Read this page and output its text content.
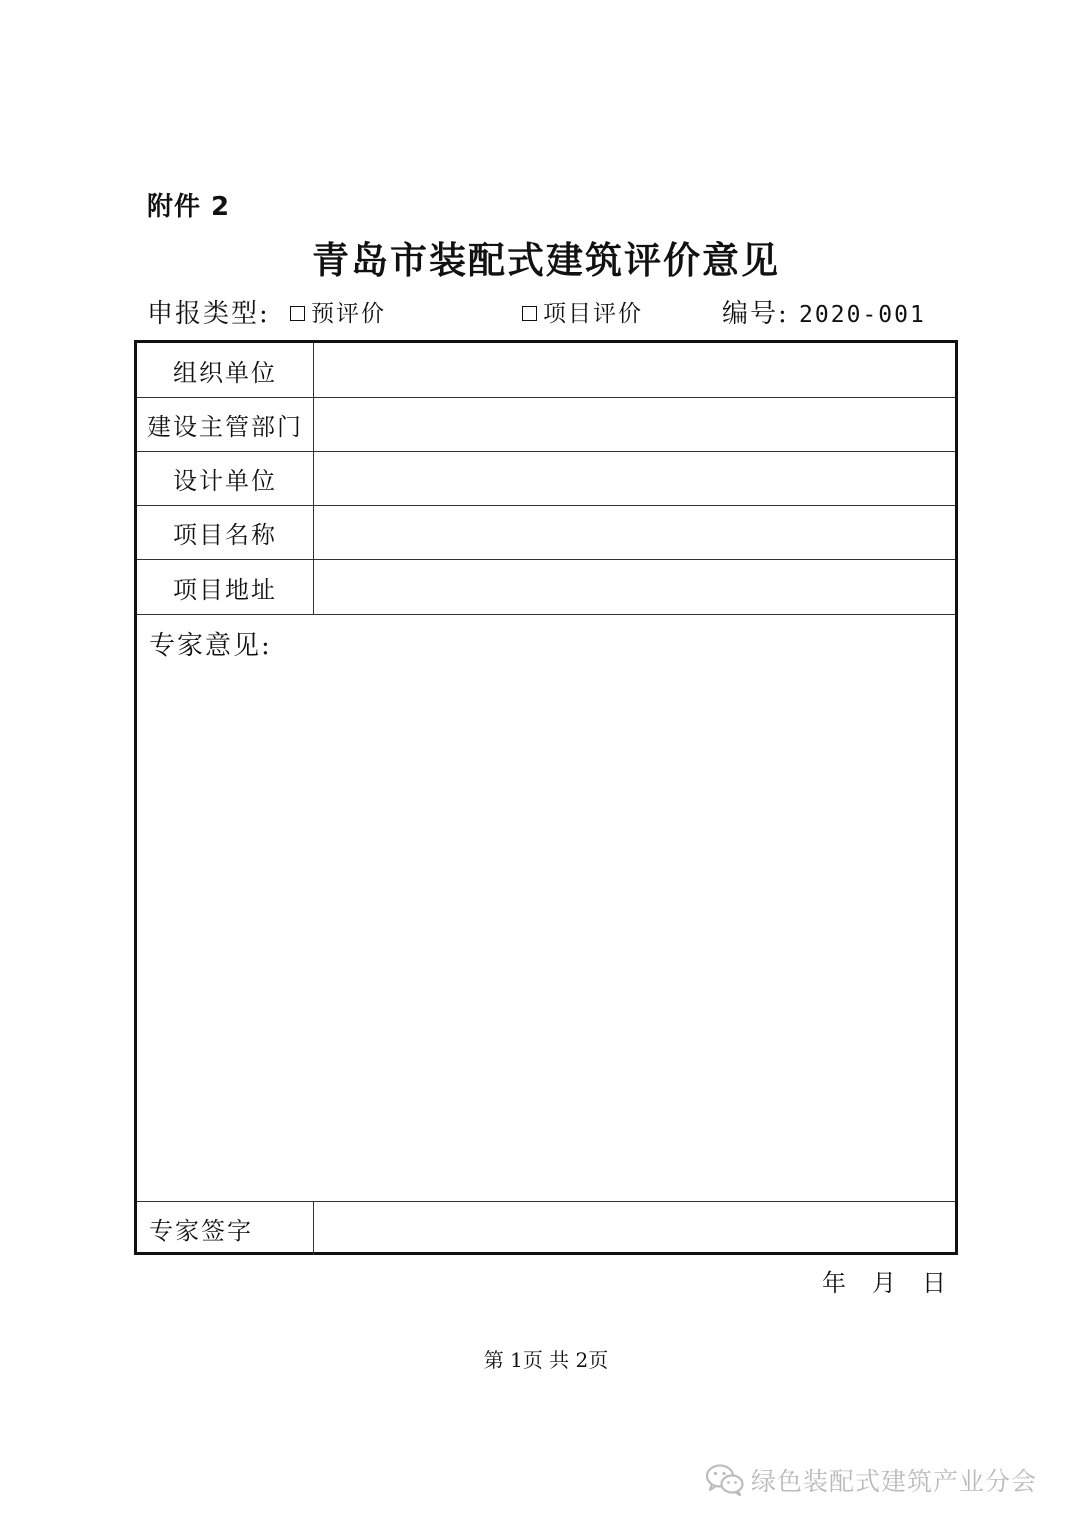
附件 2
青岛市装配式建筑评价意见
申报类型:	预评价	项目评价	编号: 2020-001
组织单位
建设主管部门
设计单位
项目名称
项目地址
专家意见:
专家签字
年 月 日
第 1页 共 2页
绿色装配式建筑产业分会
